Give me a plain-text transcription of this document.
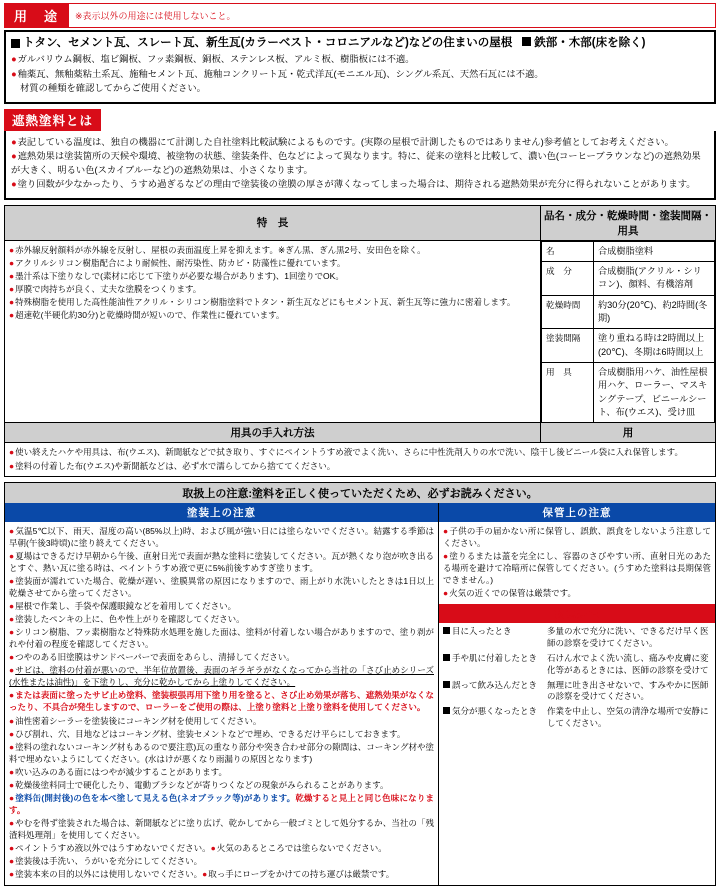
用　途	※表示以外の用途には使用しないこと。
トタン、セメント瓦、スレート瓦、新生瓦(カラーベスト・コロニアルなど)などの住まいの屋根	鉄部・木部(床を除く)
●ガルバリウム鋼板、塩ビ鋼板、フッ素鋼板、銅板、ステンレス板、アルミ板、樹脂板には不適。
●釉薬瓦、無釉薬粘土系瓦、施釉セメント瓦、施釉コンクリート瓦・乾式洋瓦(モニエル瓦)、シングル系瓦、天然石瓦には不適。
材質の種類を確認してからご使用ください。
遮熱塗料とは
●表記している温度は、独自の機器にて計測した自社塗料比較試験によるものです。(実際の屋根で計測したものではありません)参考値としてお考えください。
●遮熱効果は塗装箇所の天候や環境、被塗物の状態、塗装条件、色などによって異なります。特に、従来の塗料と比較して、濃い色(コーヒーブラウンなど)の遮熱効果が大きく、明るい色(スカイブルーなど)の遮熱効果は、小さくなります。
●塗り回数が少なかったり、うすめ過ぎるなどの理由で塗装後の塗膜の厚さが薄くなってしまった場合は、期待される遮熱効果が充分に得られないことがあります。
特　長	品名・成分・乾燥時間・塗装間隔・用具

●赤外線反射顔料が赤外線を反射し、屋根の表面温度上昇を抑えます。※ぎん黒、ぎん黒2号、安田色を除く。
●アクリルシリコン樹脂配合により耐候性、耐汚染性、防カビ・防藻性に優れています。
●墨汁系は下塗りなしで(素材に応じて下塗りが必要な場合があります)、1回塗りでOK。
●厚膜で肉持ちが良く、丈夫な塗膜をつくります。
●特殊樹脂を使用した高性能油性アクリル・シリコン樹脂塗料でトタン・新生瓦などにもセメント瓦、新生瓦等に強力に密着します。
●超速乾(半硬化約30分)と乾燥時間が短いので、作業性に優れています。

名	合成樹脂塗料
成　分	合成樹脂(アクリル・シリコン)、顔料、有機溶剤
乾燥時間	約30分(20℃)、約2時間(冬期)
塗装間隔	塗り重ねる時は2時間以上(20℃)、冬期は6時間以上
用　具	合成樹脂用ハケ、油性屋根用ハケ、ローラー、マスキングテープ、ビニールシート、布(ウエス)、受け皿

用具の手入れ方法	用

●使い終えたハケや用具は、布(ウエス)、新聞紙などで拭き取り、すぐにペイントうすめ液でよく洗い、さらに中性洗剤入りの水で洗い、陰干し後ビニール袋に入れ保管します。
●塗料の付着した布(ウエス)や新聞紙などは、必ず水で濡らしてから捨ててください。
取扱上の注意:塗料を正しく使っていただくため、必ずお読みください。
塗装上の注意
●気温5℃以下、雨天、湿度の高い(85%以上)時、および風が強い日には塗らないでください。結露する季節は早朝(午後3時頃)に塗り終えてください。
●夏場はできるだけ早朝から午後、直射日光で表面が熱な塗料に塗装してください。瓦が熱くなり泡が吹き出るとすぐ、熱い瓦に塗る時は、ペイントうすめ液で更に5%前後すめすぎ塗ります。
●塗装面が濡れていた場合、乾燥が遅い、塗膜異常の原因になりますので、雨上がり水洗いしたときは1日以上乾燥させてから塗ってください。
●屋根で作業し、手袋や保護眼鏡などを着用してください。
●塗装したペンキの上に、色や性上がりを確認してください。
●シリコン樹脂、フッ素樹脂など特殊防水処理を施した面は、塗料が付着しない場合がありますので、塗り剥がれや付着の程度を確認してください。
●つやのある旧塗膜はサンドペーパーで表面をあらし、清掃してください。
●サビは、塗料の付着が悪いので、半年位放置後、表面のギラギラがなくなってから当社の「さび止めシリーズ(水性または油性)」を下塗りし、充分に乾かしてから上塗りしてください。
●または表面に塗ったサビ止め塗料、塗装根張再用下塗り用を塗ると、さび止め効果が落ち、遮熱効果がなくなったり、不具合が発生しますので、ローラーをご使用の際は、上塗り塗料と上塗り塗料を使用してください。
●油性密着シーラーを塗装後にコーキング材を使用してください。
●ひび割れ、穴、目地などはコーキング材、塗装セメントなどで埋め、できるだけ平らにしておきます。
●塗料の塗れないコーキング材もあるので要注意)瓦の重なり部分や突き合わせ部分の隙間は、コーキング材や塗料で埋めないようにしてください。(水はけが悪くなり雨漏りの原因となります)
●吹い込みのある面にはつやが減少することがあります。
●乾燥後塗料同士で硬化したり、電動ブラシなどが寄りつくなどの現象がみられることがあります。
●塗料缶(開封後)の色を本ぺ塗して見える色(ネオブラック等)があります。乾燥すると見上と同じ色味になります。
●やむを得ず塗装された場合は、新聞紙などに塗り広げ、乾かしてから一般ゴミとして処分するか、当社の「残渣料処理剤」を使用してください。
●ペイントうすめ液以外ではうすめないでください。●火気のあるところでは塗らないでください。
●塗装後は手洗い、うがいを充分にしてください。
●塗装本来の目的以外には使用しないでください。●取っ手にロープをかけての持ち運びは厳禁です。
保管上の注意
●子供の手の届かない所に保管し、誤飲、誤食をしないよう注意してください。
●塗りるまたは蓋を完全にし、容器のさびやすい所、直射日光のあたる場所を避けて冷暗所に保管してください。(うすめた塗料は長期保管できません。)
●火気の近くでの保管は厳禁です。
救急処置
目に入ったとき	多量の水で充分に洗い、できるだけ早く医師の診察を受けてください。
手や肌に付着したとき	石けん水でよく洗い流し、痛みや皮膚に変化等があるときには、医師の診察を受けて
誤って飲み込んだとき	無理に吐き出させないで、すみやかに医師の診察を受けてください。
気分が悪くなったとき	作業を中止し、空気の清浄な場所で安静にしてください。
